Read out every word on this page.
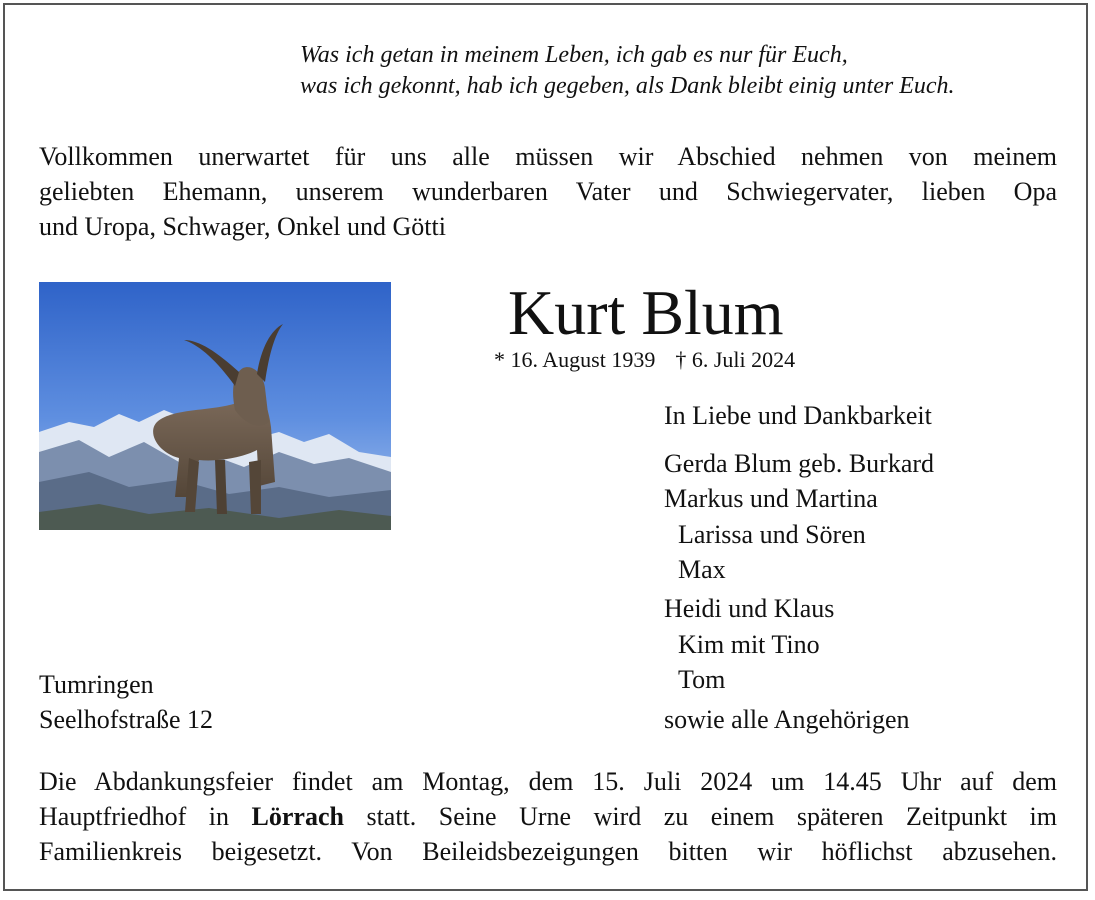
Was ich getan in meinem Leben, ich gab es nur für Euch,
was ich gekonnt, hab ich gegeben, als Dank bleibt einig unter Euch.
Vollkommen unerwartet für uns alle müssen wir Abschied nehmen von meinem
geliebten Ehemann, unserem wunderbaren Vater und Schwiegervater, lieben Opa
und Uropa, Schwager, Onkel und Götti
Kurt Blum
* 16. August 1939 † 6. Juli 2024
In Liebe und Dankbarkeit
Gerda Blum geb. Burkard
Markus und Martina
Larissa und Sören
Max
Heidi und Klaus
Kim mit Tino
Tom
sowie alle Angehörigen
Tumringen
Seelhofstraße 12
Die Abdankungsfeier findet am Montag, dem 15. Juli 2024 um 14.45 Uhr auf dem
Hauptfriedhof in Lörrach statt. Seine Urne wird zu einem späteren Zeitpunkt im
Familienkreis beigesetzt. Von Beileidsbezeigungen bitten wir höflichst abzusehen.
